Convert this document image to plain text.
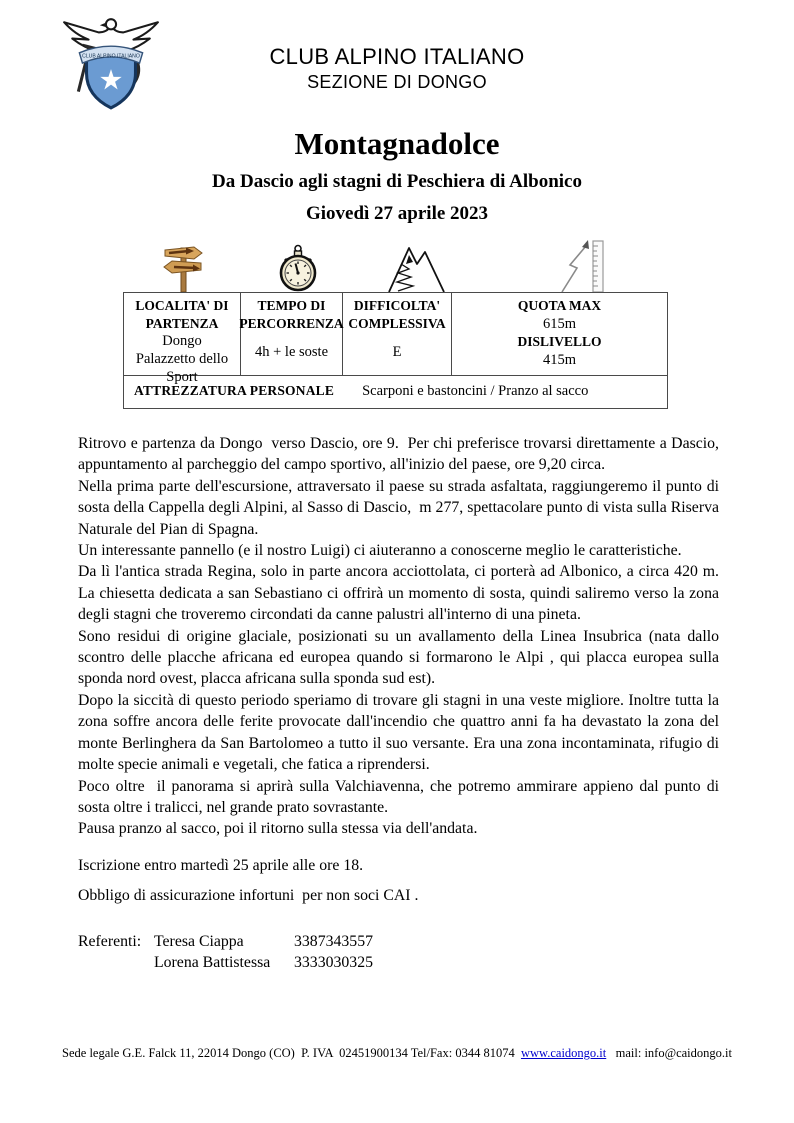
CLUB ALPINO ITALIANO	CLUB ALPINO ITALIANO
SEZIONE DI DONGO
Montagnadolce
Da Dascio agli stagni di Peschiera di Albonico
Giovedì 27 aprile 2023
LOCALITA' DI PARTENZA
Dongo
Palazzetto dello Sport
TEMPO DI PERCORRENZA
4h + le soste
DIFFICOLTA' COMPLESSIVA
E
QUOTA MAX
615m
DISLIVELLO
415m
ATTREZZATURA PERSONALE Scarponi e bastoncini / Pranzo al sacco

Ritrovo e partenza da Dongo  verso Dascio, ore 9.  Per chi preferisce trovarsi direttamente a Dascio, appuntamento al parcheggio del campo sportivo, all'inizio del paese, ore 9,20 circa.

Nella prima parte dell'escursione, attraversato il paese su strada asfaltata, raggiungeremo il punto di sosta della Cappella degli Alpini, al Sasso di Dascio,  m 277, spettacolare punto di vista sulla Riserva Naturale del Pian di Spagna.

Un interessante pannello (e il nostro Luigi) ci aiuteranno a conoscerne meglio le caratteristiche.

Da lì l'antica strada Regina, solo in parte ancora acciottolata, ci porterà ad Albonico, a circa 420 m.  La chiesetta dedicata a san Sebastiano ci offrirà un momento di sosta, quindi saliremo verso la zona degli stagni che troveremo circondati da canne palustri all'interno di una pineta.

Sono residui di origine glaciale, posizionati su un avallamento della Linea Insubrica (nata dallo scontro delle placche africana ed europea quando si formarono le Alpi , qui placca europea sulla sponda nord ovest, placca africana sulla sponda sud est).

Dopo la siccità di questo periodo speriamo di trovare gli stagni in una veste migliore. Inoltre tutta la zona soffre ancora delle ferite provocate dall'incendio che quattro anni fa ha devastato la zona del monte Berlinghera da San Bartolomeo a tutto il suo versante. Era una zona incontaminata, rifugio di molte specie animali e vegetali, che fatica a riprendersi.

Poco oltre  il panorama si aprirà sulla Valchiavenna, che potremo ammirare appieno dal punto di sosta oltre i tralicci, nel grande prato sovrastante.

Pausa pranzo al sacco, poi il ritorno sulla stessa via dell'andata.

Iscrizione entro martedì 25 aprile alle ore 18.

Obbligo di assicurazione infortuni  per non soci CAI .

Referenti: Teresa Ciappa	3387343557
Lorena Battistessa 3333030325
Sede legale G.E. Falck 11, 22014 Dongo (CO)  P. IVA  02451900134 Tel/Fax: 0344 81074  www.caidongo.it   mail: info@caidongo.it
